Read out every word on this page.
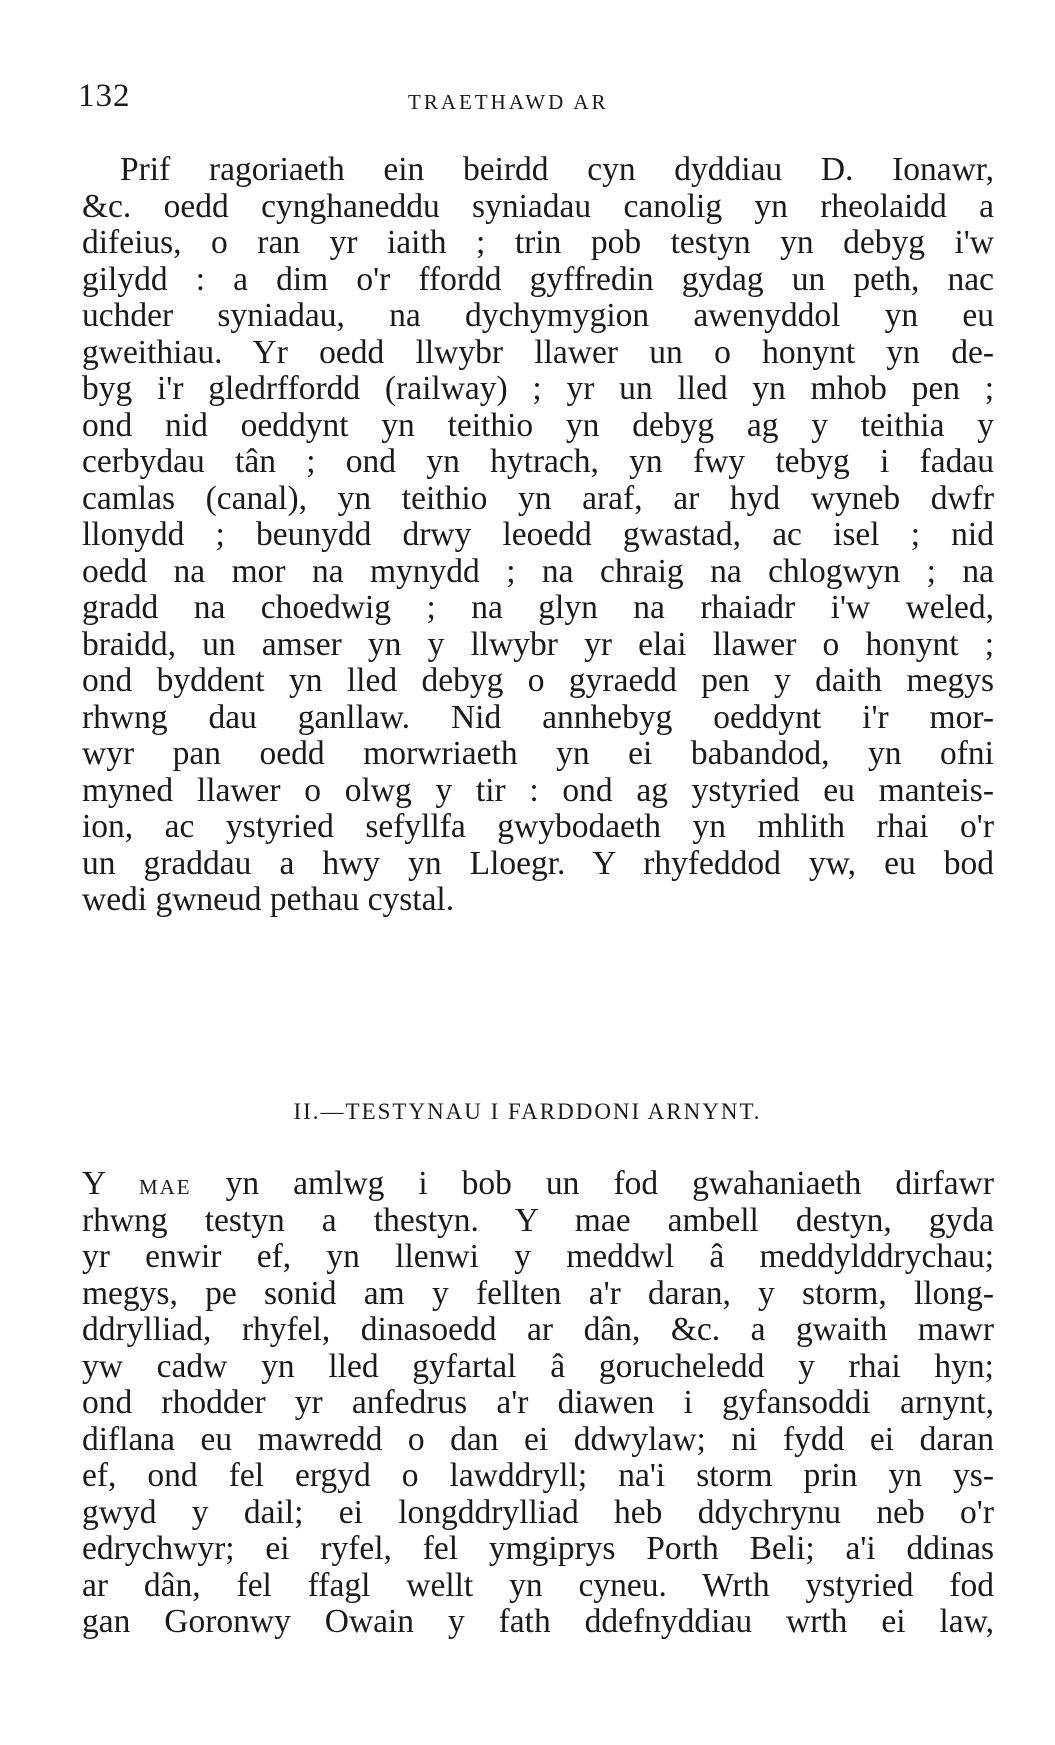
132	TRAETHAWD AR
Prif ragoriaeth ein beirdd cyn dyddiau D. Ionawr,
&c. oedd cynghaneddu syniadau canolig yn rheolaidd a
difeius, o ran yr iaith ; trin pob testyn yn debyg i'w
gilydd : a dim o'r ffordd gyffredin gydag un peth, nac
uchder syniadau, na dychymygion awenyddol yn eu
gweithiau. Yr oedd llwybr llawer un o honynt yn de-
byg i'r gledrffordd (railway) ; yr un lled yn mhob pen ;
ond nid oeddynt yn teithio yn debyg ag y teithia y
cerbydau tân ; ond yn hytrach, yn fwy tebyg i fadau
camlas (canal), yn teithio yn araf, ar hyd wyneb dwfr
llonydd ; beunydd drwy leoedd gwastad, ac isel ; nid
oedd na mor na mynydd ; na chraig na chlogwyn ; na
gradd na choedwig ; na glyn na rhaiadr i'w weled,
braidd, un amser yn y llwybr yr elai llawer o honynt ;
ond byddent yn lled debyg o gyraedd pen y daith megys
rhwng dau ganllaw. Nid annhebyg oeddynt i'r mor-
wyr pan oedd morwriaeth yn ei babandod, yn ofni
myned llawer o olwg y tir : ond ag ystyried eu manteis-
ion, ac ystyried sefyllfa gwybodaeth yn mhlith rhai o'r
un graddau a hwy yn Lloegr. Y rhyfeddod yw, eu bod
wedi gwneud pethau cystal.
II.—TESTYNAU I FARDDONI ARNYNT.
Y MAE yn amlwg i bob un fod gwahaniaeth dirfawr
rhwng testyn a thestyn. Y mae ambell destyn, gyda
yr enwir ef, yn llenwi y meddwl â meddylddrychau;
megys, pe sonid am y fellten a'r daran, y storm, llong-
ddrylliad, rhyfel, dinasoedd ar dân, &c. a gwaith mawr
yw cadw yn lled gyfartal â gorucheledd y rhai hyn;
ond rhodder yr anfedrus a'r diawen i gyfansoddi arnynt,
diflana eu mawredd o dan ei ddwylaw; ni fydd ei daran
ef, ond fel ergyd o lawddryll; na'i storm prin yn ys-
gwyd y dail; ei longddrylliad heb ddychrynu neb o'r
edrychwyr; ei ryfel, fel ymgiprys Porth Beli; a'i ddinas
ar dân, fel ffagl wellt yn cyneu. Wrth ystyried fod
gan Goronwy Owain y fath ddefnyddiau wrth ei law,
